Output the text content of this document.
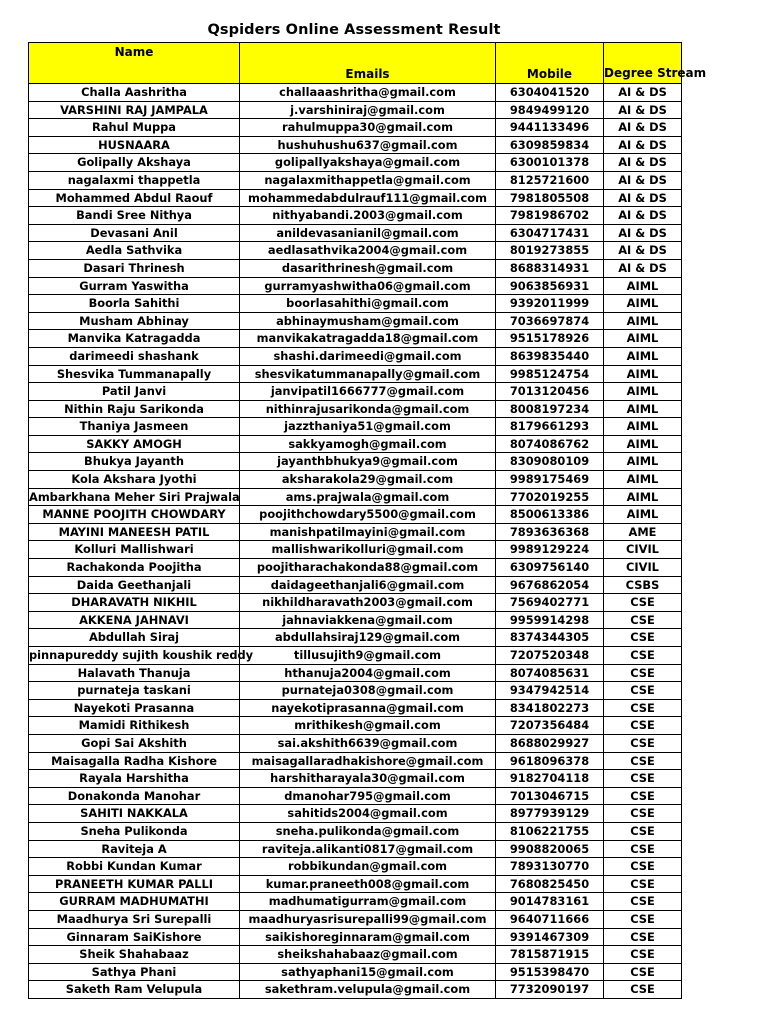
Qspiders Online Assessment Result
Name	Emails	Mobile	Degree Stream
Challa Aashritha	challaaashritha@gmail.com	6304041520	AI & DS
VARSHINI RAJ JAMPALA	j.varshiniraj@gmail.com	9849499120	AI & DS
Rahul Muppa	rahulmuppa30@gmail.com	9441133496	AI & DS
HUSNAARA	hushuhushu637@gmail.com	6309859834	AI & DS
Golipally Akshaya	golipallyakshaya@gmail.com	6300101378	AI & DS
nagalaxmi thappetla	nagalaxmithappetla@gmail.com	8125721600	AI & DS
Mohammed Abdul Raouf	mohammedabdulrauf111@gmail.com	7981805508	AI & DS
Bandi Sree Nithya	nithyabandi.2003@gmail.com	7981986702	AI & DS
Devasani Anil	anildevasanianil@gmail.com	6304717431	AI & DS
Aedla Sathvika	aedlasathvika2004@gmail.com	8019273855	AI & DS
Dasari Thrinesh	dasarithrinesh@gmail.com	8688314931	AI & DS
Gurram Yaswitha	gurramyashwitha06@gmail.com	9063856931	AIML
Boorla Sahithi	boorlasahithi@gmail.com	9392011999	AIML
Musham Abhinay	abhinaymusham@gmail.com	7036697874	AIML
Manvika Katragadda	manvikakatragadda18@gmail.com	9515178926	AIML
darimeedi shashank	shashi.darimeedi@gmail.com	8639835440	AIML
Shesvika Tummanapally	shesvikatummanapally@gmail.com	9985124754	AIML
Patil Janvi	janvipatil1666777@gmail.com	7013120456	AIML
Nithin Raju Sarikonda	nithinrajusarikonda@gmail.com	8008197234	AIML
Thaniya Jasmeen	jazzthaniya51@gmail.com	8179661293	AIML
SAKKY AMOGH	sakkyamogh@gmail.com	8074086762	AIML
Bhukya Jayanth	jayanthbhukya9@gmail.com	8309080109	AIML
Kola Akshara Jyothi	aksharakola29@gmail.com	9989175469	AIML
Ambarkhana Meher Siri Prajwala	ams.prajwala@gmail.com	7702019255	AIML
MANNE POOJITH CHOWDARY	poojithchowdary5500@gmail.com	8500613386	AIML
MAYINI MANEESH PATIL	manishpatilmayini@gmail.com	7893636368	AME
Kolluri Mallishwari	mallishwarikolluri@gmail.com	9989129224	CIVIL
Rachakonda Poojitha	poojitharachakonda88@gmail.com	6309756140	CIVIL
Daida Geethanjali	daidageethanjali6@gmail.com	9676862054	CSBS
DHARAVATH NIKHIL	nikhildharavath2003@gmail.com	7569402771	CSE
AKKENA JAHNAVI	jahnaviakkena@gmail.com	9959914298	CSE
Abdullah Siraj	abdullahsiraj129@gmail.com	8374344305	CSE
pinnapureddy sujith koushik reddy	tillusujith9@gmail.com	7207520348	CSE
Halavath Thanuja	hthanuja2004@gmail.com	8074085631	CSE
purnateja taskani	purnateja0308@gmail.com	9347942514	CSE
Nayekoti Prasanna	nayekotiprasanna@gmail.com	8341802273	CSE
Mamidi Rithikesh	mrithikesh@gmail.com	7207356484	CSE
Gopi Sai Akshith	sai.akshith6639@gmail.com	8688029927	CSE
Maisagalla Radha Kishore	maisagallaradhakishore@gmail.com	9618096378	CSE
Rayala Harshitha	harshitharayala30@gmail.com	9182704118	CSE
Donakonda Manohar	dmanohar795@gmail.com	7013046715	CSE
SAHITI NAKKALA	sahitids2004@gmail.com	8977939129	CSE
Sneha Pulikonda	sneha.pulikonda@gmail.com	8106221755	CSE
Raviteja A	raviteja.alikanti0817@gmail.com	9908820065	CSE
Robbi Kundan Kumar	robbikundan@gmail.com	7893130770	CSE
PRANEETH KUMAR PALLI	kumar.praneeth008@gmail.com	7680825450	CSE
GURRAM MADHUMATHI	madhumatigurram@gmail.com	9014783161	CSE
Maadhurya Sri Surepalli	maadhuryasrisurepalli99@gmail.com	9640711666	CSE
Ginnaram SaiKishore	saikishoreginnaram@gmail.com	9391467309	CSE
Sheik Shahabaaz	sheikshahabaaz@gmail.com	7815871915	CSE
Sathya Phani	sathyaphani15@gmail.com	9515398470	CSE
Saketh Ram Velupula	sakethram.velupula@gmail.com	7732090197	CSE
